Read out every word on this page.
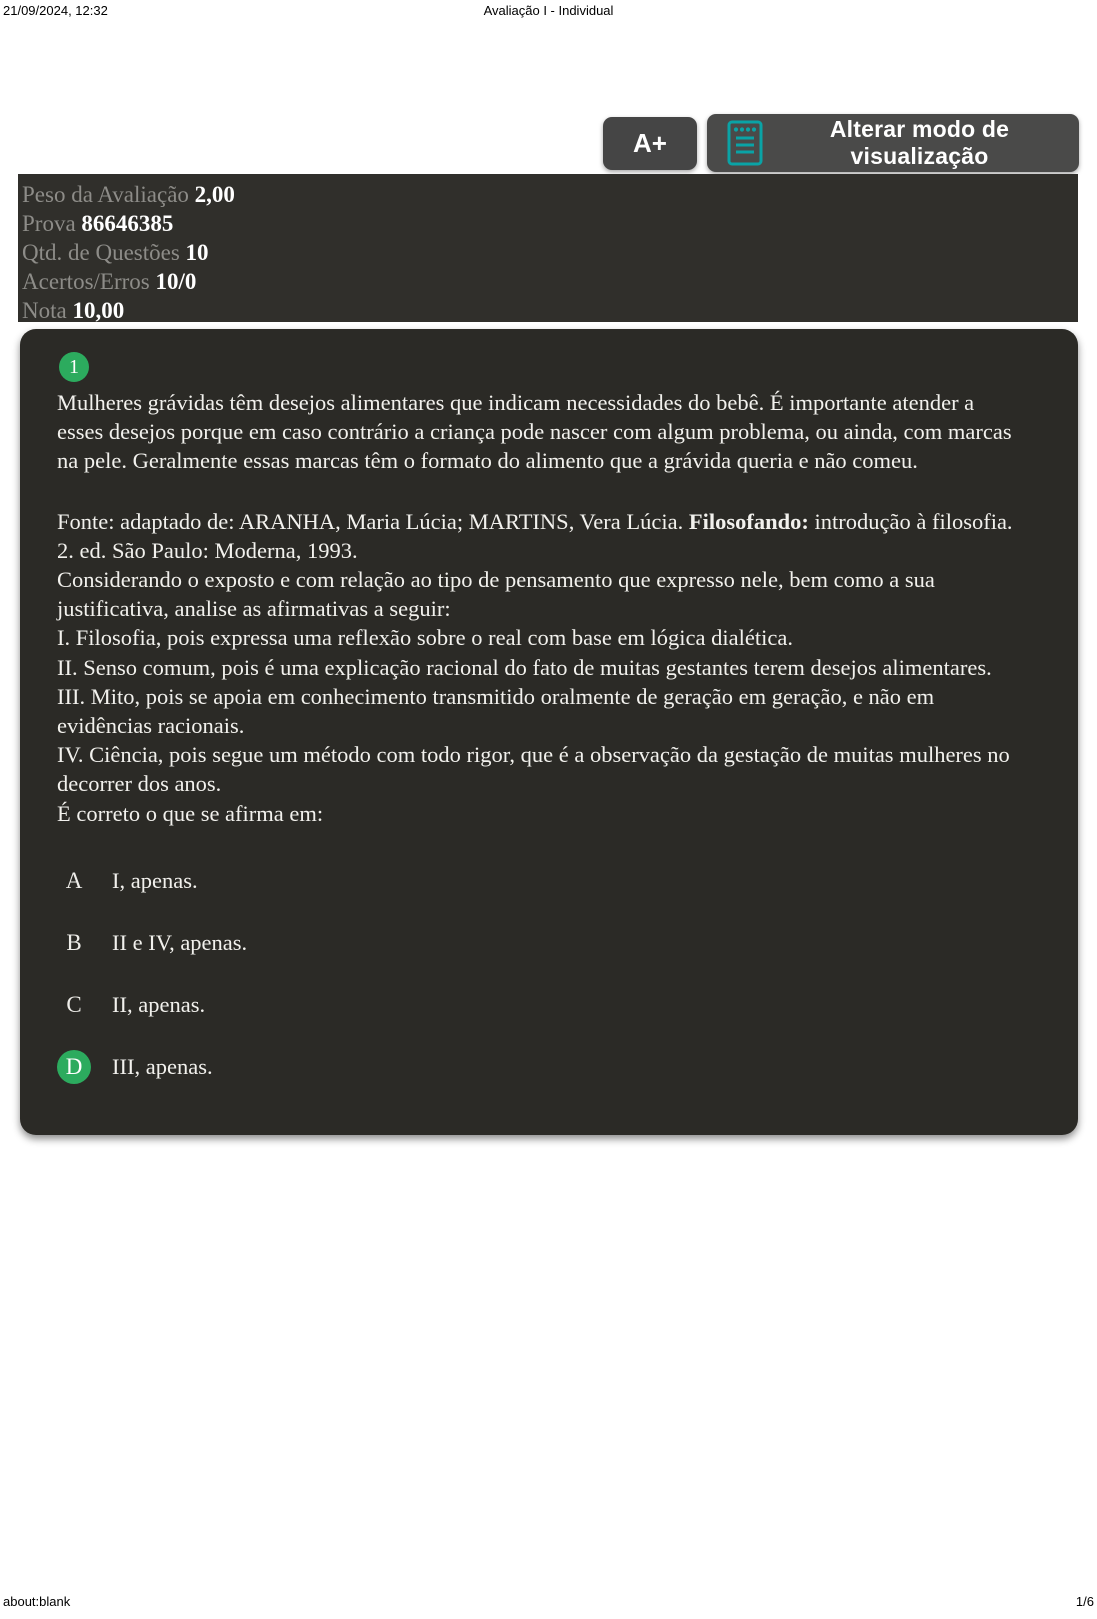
21/09/2024, 12:32	Avaliação I - Individual
A+	Alterar modo de visualização
Peso da Avaliação 2,00
Prova 86646385
Qtd. de Questões 10
Acertos/Erros 10/0
Nota 10,00
1

Mulheres grávidas têm desejos alimentares que indicam necessidades do bebê. É importante atender a esses desejos porque em caso contrário a criança pode nascer com algum problema, ou ainda, com marcas na pele. Geralmente essas marcas têm o formato do alimento que a grávida queria e não comeu.

Fonte: adaptado de: ARANHA, Maria Lúcia; MARTINS, Vera Lúcia. Filosofando: introdução à filosofia. 2. ed. São Paulo: Moderna, 1993.

Considerando o exposto e com relação ao tipo de pensamento que expresso nele, bem como a sua justificativa, analise as afirmativas a seguir:

I. Filosofia, pois expressa uma reflexão sobre o real com base em lógica dialética.

II. Senso comum, pois é uma explicação racional do fato de muitas gestantes terem desejos alimentares.

III. Mito, pois se apoia em conhecimento transmitido oralmente de geração em geração, e não em evidências racionais.

IV. Ciência, pois segue um método com todo rigor, que é a observação da gestação de muitas mulheres no decorrer dos anos.

É correto o que se afirma em:

A	I, apenas.
B	II e IV, apenas.
C	II, apenas.
D	III, apenas.
about:blank	1/6
